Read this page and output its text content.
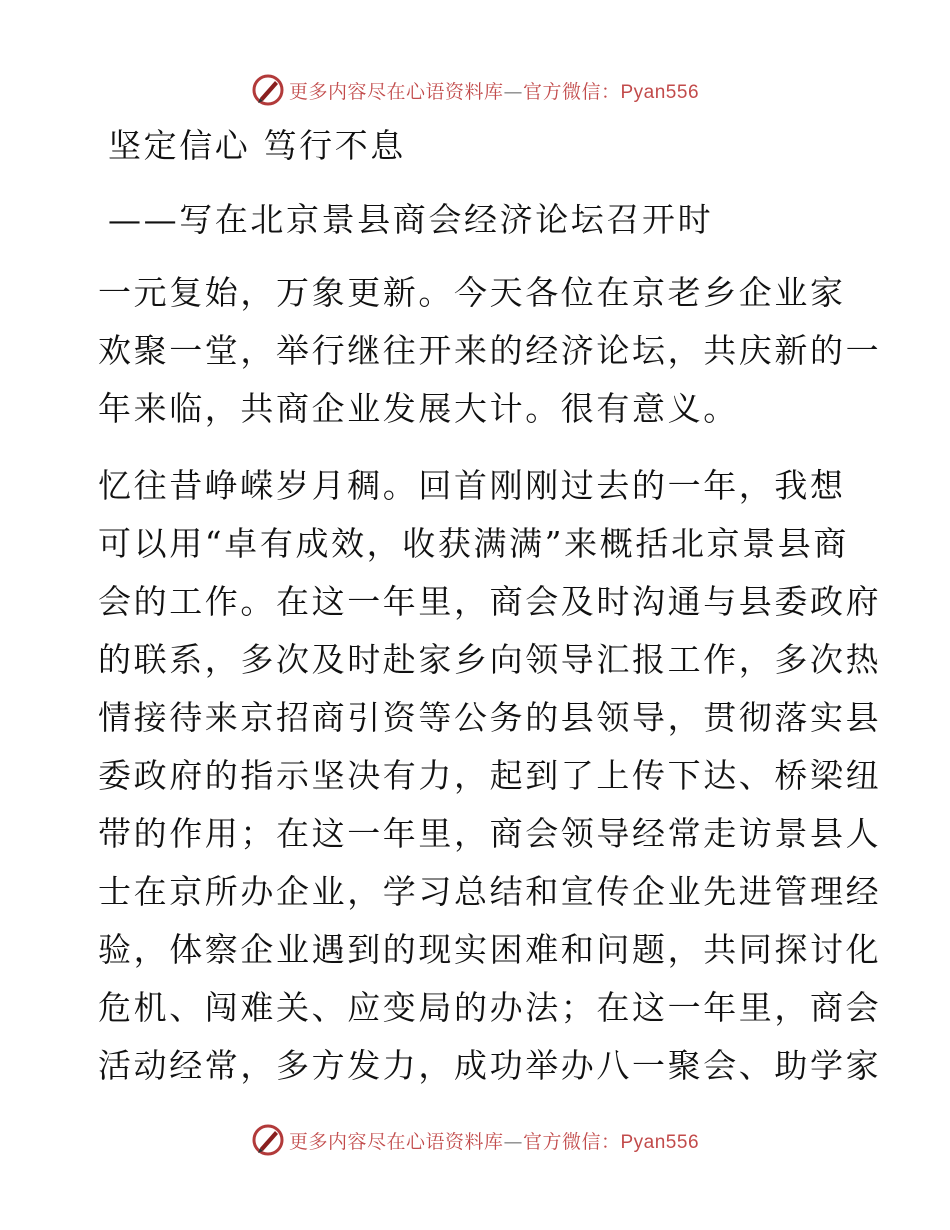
更多内容尽在心语资料库—官方微信：Pyan556
坚定信心 笃行不息
——写在北京景县商会经济论坛召开时
一元复始，万象更新。今天各位在京老乡企业家
欢聚一堂，举行继往开来的经济论坛，共庆新的一
年来临，共商企业发展大计。很有意义。
忆往昔峥嵘岁月稠。回首刚刚过去的一年，我想
可以用“卓有成效，收获满满”来概括北京景县商
会的工作。在这一年里，商会及时沟通与县委政府
的联系，多次及时赴家乡向领导汇报工作，多次热
情接待来京招商引资等公务的县领导，贯彻落实县
委政府的指示坚决有力，起到了上传下达、桥梁纽
带的作用；在这一年里，商会领导经常走访景县人
士在京所办企业，学习总结和宣传企业先进管理经
验，体察企业遇到的现实困难和问题，共同探讨化
危机、闯难关、应变局的办法；在这一年里，商会
活动经常，多方发力，成功举办八一聚会、助学家
更多内容尽在心语资料库—官方微信：Pyan556
